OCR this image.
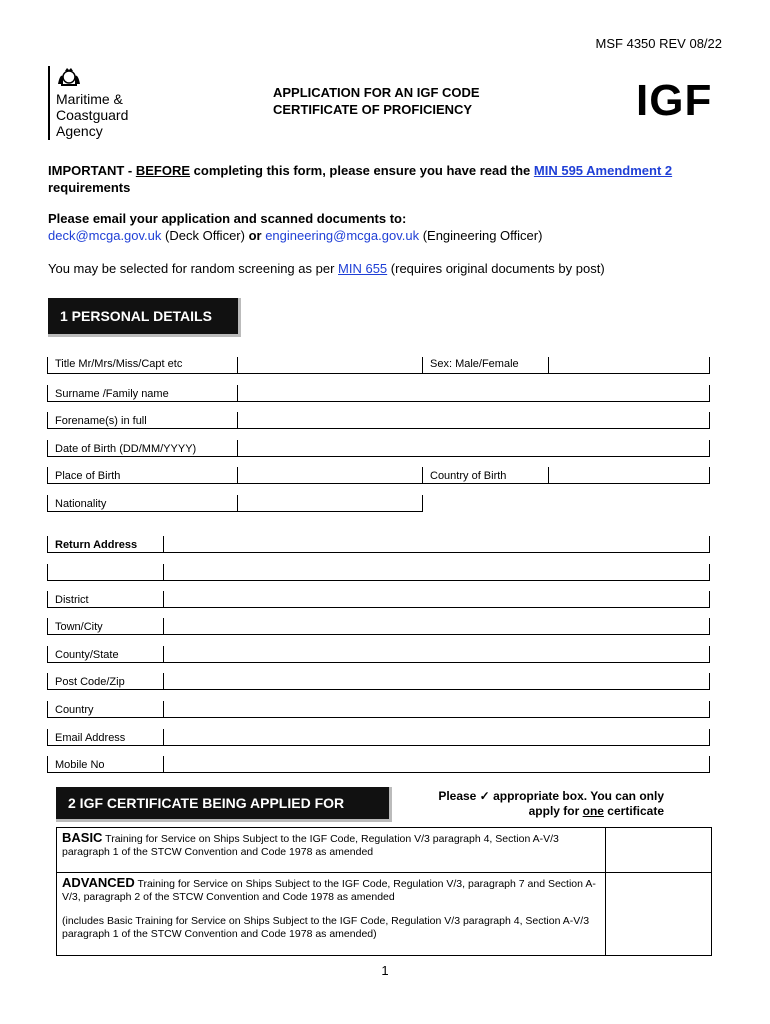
MSF 4350 REV 08/22
Maritime &
Coastguard
Agency
APPLICATION FOR AN IGF CODE
CERTIFICATE OF PROFICIENCY	IGF
IMPORTANT - BEFORE completing this form, please ensure you have read the MIN 595 Amendment 2
requirements
Please email your application and scanned documents to:
deck@mcga.gov.uk (Deck Officer) or engineering@mcga.gov.uk (Engineering Officer)
You may be selected for random screening as per MIN 655 (requires original documents by post)
1 PERSONAL DETAILS
Title Mr/Mrs/Miss/Capt etc	Sex: Male/Female
Surname /Family name
Forename(s) in full
Date of Birth (DD/MM/YYYY)
Place of Birth	Country of Birth
Nationality
Return Address
District
Town/City
County/State
Post Code/Zip
Country
Email Address
Mobile No
2 IGF CERTIFICATE BEING APPLIED FOR	Please ✓ appropriate box. You can only
apply for one certificate
BASIC Training for Service on Ships Subject to the IGF Code, Regulation V/3 paragraph 4, Section A-V/3 paragraph 1 of the STCW Convention and Code 1978 as amended	
ADVANCED Training for Service on Ships Subject to the IGF Code, Regulation V/3, paragraph 7 and Section A-V/3, paragraph 2 of the STCW Convention and Code 1978 as amended
(includes Basic Training for Service on Ships Subject to the IGF Code, Regulation V/3 paragraph 4, Section A-V/3 paragraph 1 of the STCW Convention and Code 1978 as amended)	

1
